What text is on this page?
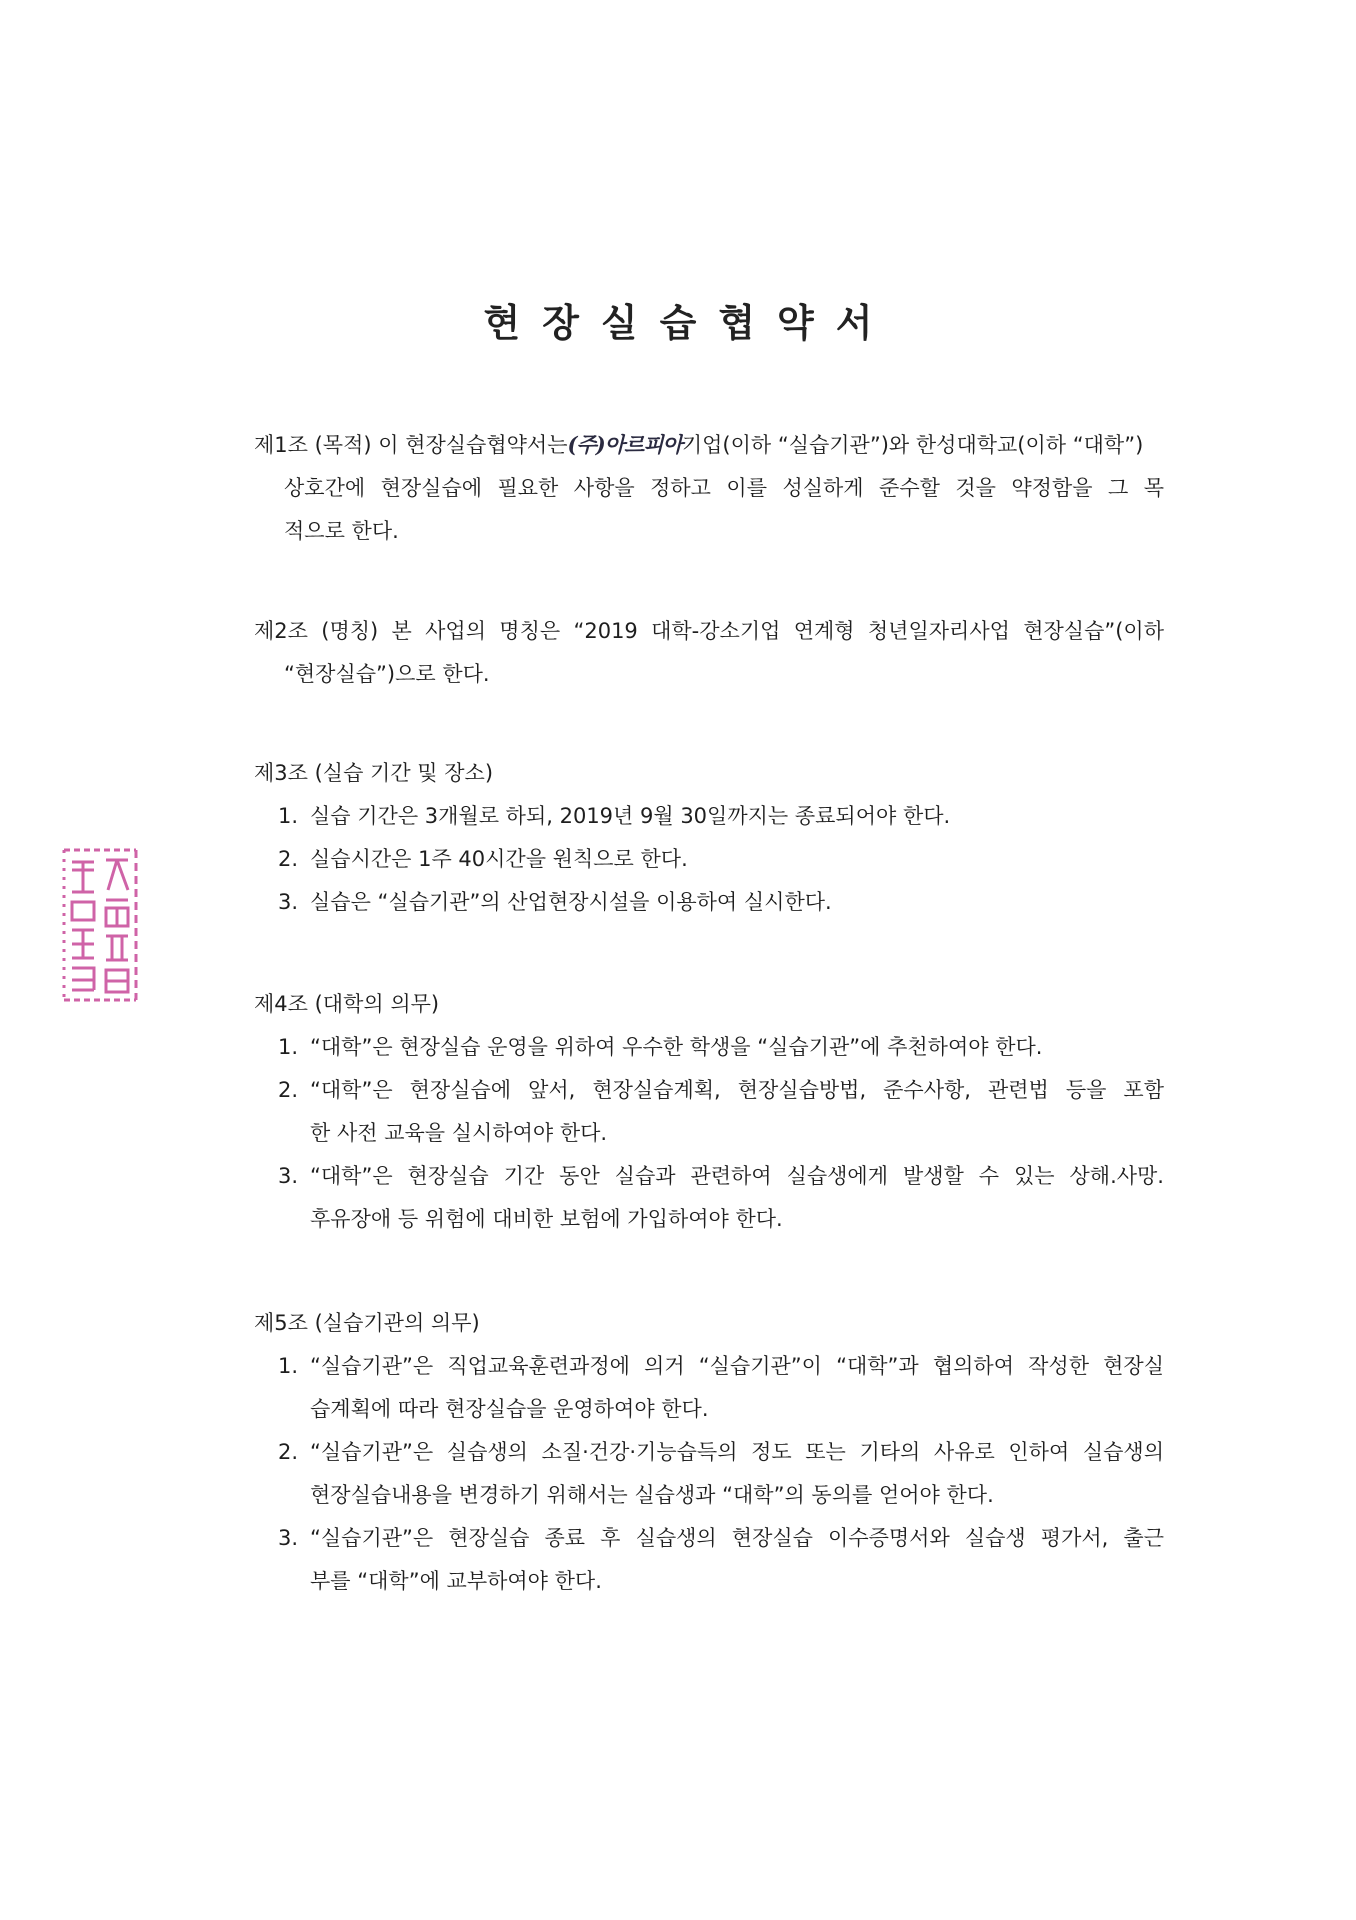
현장실습협약서
제1조 (목적) 이 현장실습협약서는(주)아르피아기업(이하 “실습기관”)와 한성대학교(이하 “대학”)
상호간에 현장실습에 필요한 사항을 정하고 이를 성실하게 준수할 것을 약정함을 그 목
적으로 한다.
제2조 (명칭) 본 사업의 명칭은 “2019 대학-강소기업 연계형 청년일자리사업 현장실습”(이하
“현장실습”)으로 한다.
제3조 (실습 기간 및 장소)
1. 실습 기간은 3개월로 하되, 2019년 9월 30일까지는 종료되어야 한다.
2. 실습시간은 1주 40시간을 원칙으로 한다.
3. 실습은 “실습기관”의 산업현장시설을 이용하여 실시한다.
제4조 (대학의 의무)
1. “대학”은 현장실습 운영을 위하여 우수한 학생을 “실습기관”에 추천하여야 한다.
2. “대학”은 현장실습에 앞서, 현장실습계획, 현장실습방법, 준수사항, 관련법 등을 포함
한 사전 교육을 실시하여야 한다.
3. “대학”은 현장실습 기간 동안 실습과 관련하여 실습생에게 발생할 수 있는 상해.사망.
후유장애 등 위험에 대비한 보험에 가입하여야 한다.
제5조 (실습기관의 의무)
1. “실습기관”은 직업교육훈련과정에 의거 “실습기관”이 “대학”과 협의하여 작성한 현장실
습계획에 따라 현장실습을 운영하여야 한다.
2. “실습기관”은 실습생의 소질·건강·기능습득의 정도 또는 기타의 사유로 인하여 실습생의
현장실습내용을 변경하기 위해서는 실습생과 “대학”의 동의를 얻어야 한다.
3. “실습기관”은 현장실습 종료 후 실습생의 현장실습 이수증명서와 실습생 평가서, 출근
부를 “대학”에 교부하여야 한다.
